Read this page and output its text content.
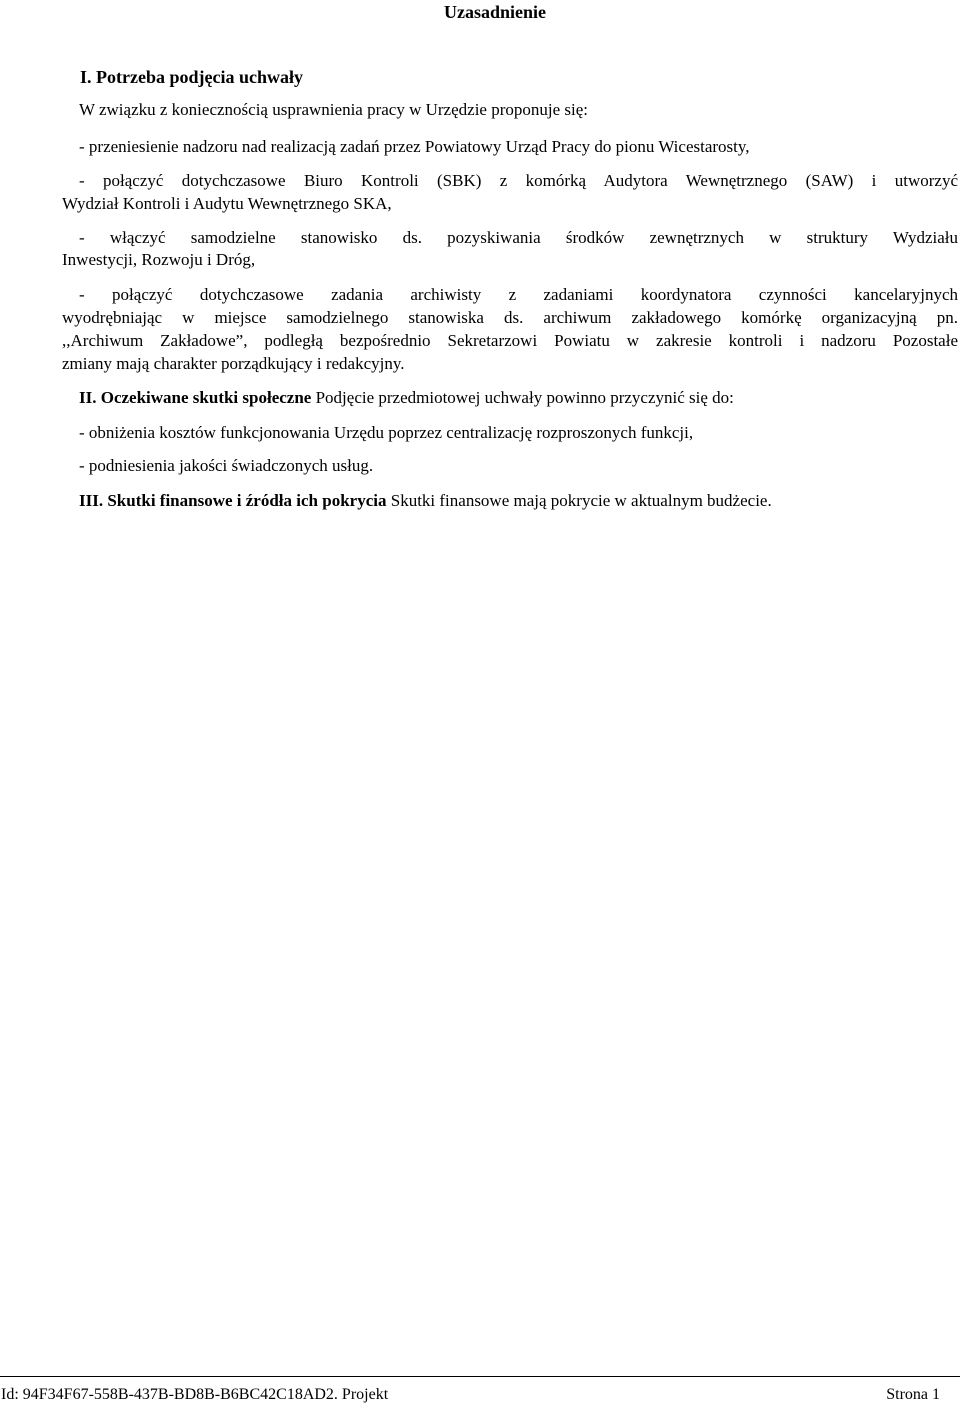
Uzasadnienie
I. Potrzeba podjęcia uchwały
W związku z koniecznością usprawnienia pracy w Urzędzie proponuje się:
- przeniesienie nadzoru nad realizacją zadań przez Powiatowy Urząd Pracy do pionu Wicestarosty,
- połączyć dotychczasowe Biuro Kontroli (SBK) z komórką Audytora Wewnętrznego (SAW) i utworzyć
Wydział Kontroli i Audytu Wewnętrznego SKA,
- włączyć samodzielne stanowisko ds. pozyskiwania środków zewnętrznych w struktury Wydziału
Inwestycji, Rozwoju i Dróg,
- połączyć dotychczasowe zadania archiwisty z zadaniami koordynatora czynności kancelaryjnych
wyodrębniając w miejsce samodzielnego stanowiska ds. archiwum zakładowego komórkę organizacyjną pn.
,,Archiwum Zakładowe”, podległą bezpośrednio Sekretarzowi Powiatu w zakresie kontroli i nadzoru Pozostałe
zmiany mają charakter porządkujący i redakcyjny.
II. Oczekiwane skutki społeczne Podjęcie przedmiotowej uchwały powinno przyczynić się do:
- obniżenia kosztów funkcjonowania Urzędu poprzez centralizację rozproszonych funkcji,
- podniesienia jakości świadczonych usług.
III. Skutki finansowe i źródła ich pokrycia Skutki finansowe mają pokrycie w aktualnym budżecie.
Id: 94F34F67-558B-437B-BD8B-B6BC42C18AD2. Projekt	Strona 1
